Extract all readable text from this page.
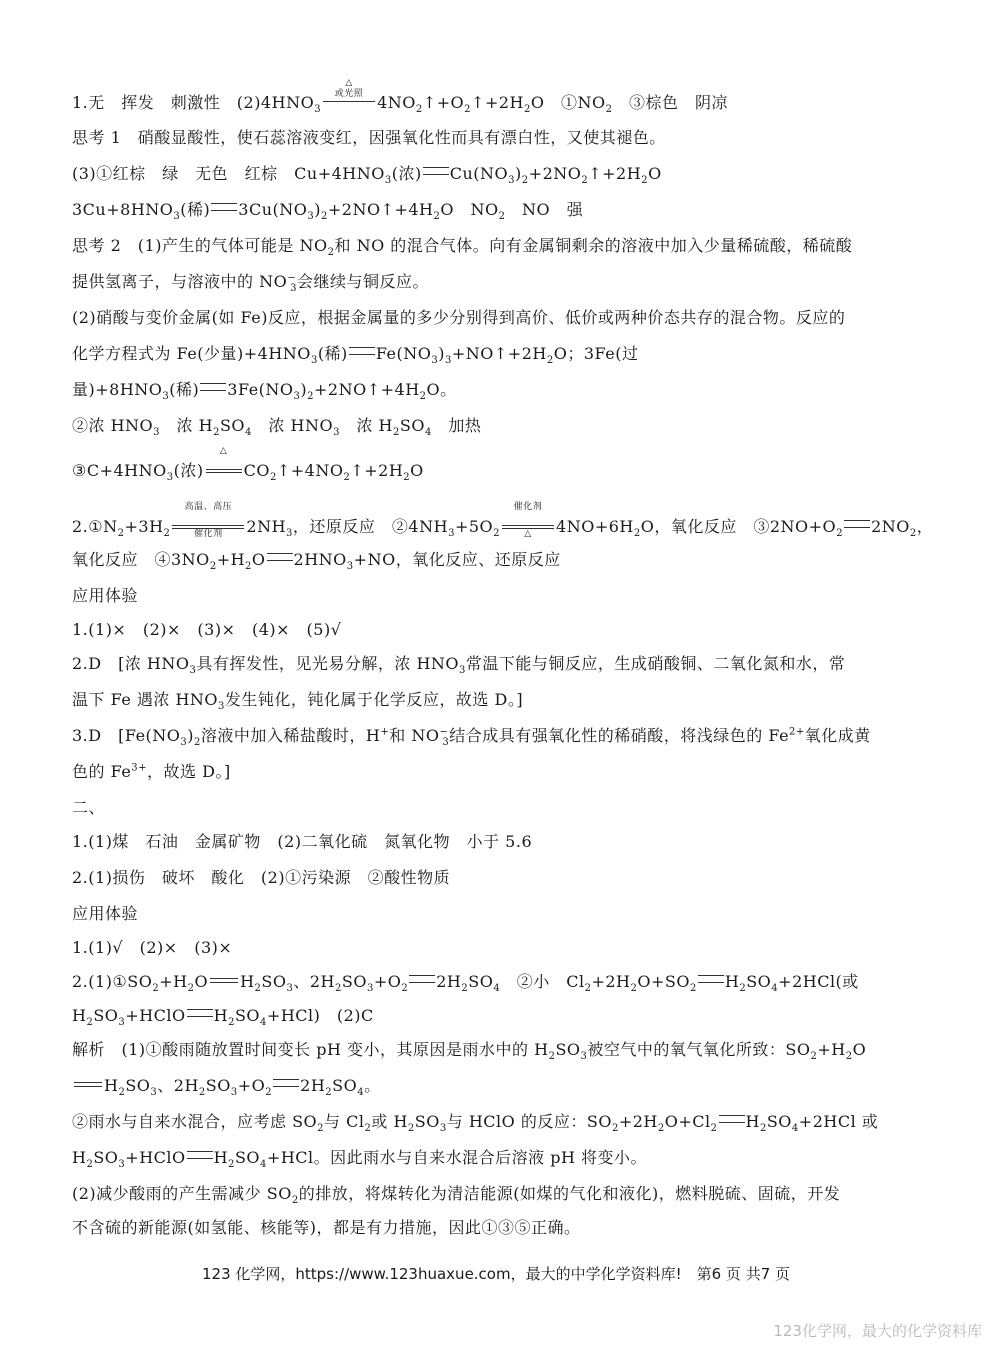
1.无　挥发　刺激性　$(2)4HNO_3$
△
或光照 $4NO_2↑+O_2↑+2H_2O$　$①NO_2$　③棕色　阴凉
思考 1　硝酸显酸性，使石蕊溶液变红，因强氧化性而具有漂白性，又使其褪色。
(3)①红棕　绿　无色　红棕　$Cu+4HNO_3$(浓) $Cu(NO_3)_2+2NO_2↑+2H_2O$
$3Cu+8HNO_3$(稀) $3Cu(NO_3)_2+2NO↑+4H_2O$　$NO_2$　NO　强
思考 2　(1)产生的气体可能是 $NO_2$和 NO 的混合气体。向有金属铜剩余的溶液中加入少量稀硫酸，稀硫酸
提供氢离子，与溶液中的 $NO^-_3$会继续与铜反应。
(2)硝酸与变价金属(如 Fe)反应，根据金属量的多少分别得到高价、低价或两种价态共存的混合物。反应的
化学方程式为 Fe(少量)$+4HNO_3$(稀) $Fe(NO_3)_3+NO↑+2H_2O$；3Fe(过
量)$+8HNO_3$(稀) $3Fe(NO_3)_2+2NO↑+4H_2O$。
②浓 $HNO_3$　浓 $H_2SO_4$　浓 $HNO_3$　浓 $H_2SO_4$　加热
$③C+4HNO_3$(浓)
△
$CO_2↑+4NO_2↑+2H_2O$
$2.①N_2+3H_2$
高温、高压
催化剂	$2NH_3$，还原反应　$②4NH_3+5O_2$
催化剂
△	$4NO+6H_2O$，氧化反应　$③2NO+O_2$ $2NO_2$，
氧化反应　$④3NO_2+H_2O$ $2HNO_3+NO$，氧化反应、还原反应
应用体验
1.(1)×　(2)×　(3)×　(4)×　(5)√
2.D　[浓 $HNO_3$具有挥发性，见光易分解，浓 $HNO_3$常温下能与铜反应，生成硝酸铜、二氧化氮和水，常
温下 Fe 遇浓 $HNO_3$发生钝化，钝化属于化学反应，故选 D。]
3.D　[$Fe(NO_3)_2$溶液中加入稀盐酸时，H+和 $NO^-_3$结合成具有强氧化性的稀硝酸，将浅绿色的 $Fe^{2+}$氧化成黄
色的 $Fe^{3+}$，故选 D。]
二、
1.(1)煤　石油　金属矿物　(2)二氧化硫　氮氧化物　小于 5.6
2.(1)损伤　破坏　酸化　(2)①污染源　②酸性物质
应用体验
1.(1)√　(2)×　(3)×
$2.(1)①SO_2+H_2O$ $H_2SO_3$、$2H_2SO_3+O_2$ $2H_2SO_4$　②小　$Cl_2+2H_2O+SO_2$ $H_2SO_4+2HCl$(或
$H_2SO_3+HClO$ $H_2SO_4+HCl$)　(2)C
解析　(1)①酸雨随放置时间变长 pH 变小，其原因是雨水中的 $H_2SO_3$被空气中的氧气氧化所致：$SO_2+H_2O$
$H_2SO_3$、$2H_2SO_3+O_2$ $2H_2SO_4$。
②雨水与自来水混合，应考虑 $SO_2$与 $Cl_2$或 $H_2SO_3$与 HClO 的反应：$SO_2+2H_2O+Cl_2$ $H_2SO_4+2HCl$ 或
$H_2SO_3+HClO$ $H_2SO_4+HCl$。因此雨水与自来水混合后溶液 pH 将变小。
(2)减少酸雨的产生需减少 $SO_2$的排放，将煤转化为清洁能源(如煤的气化和液化)，燃料脱硫、固硫，开发
不含硫的新能源(如氢能、核能等)，都是有力措施，因此①③⑤正确。
123 化学网，https://www.123huaxue.com，最大的中学化学资料库!　第6 页 共7 页
123化学网，最大的化学资料库
